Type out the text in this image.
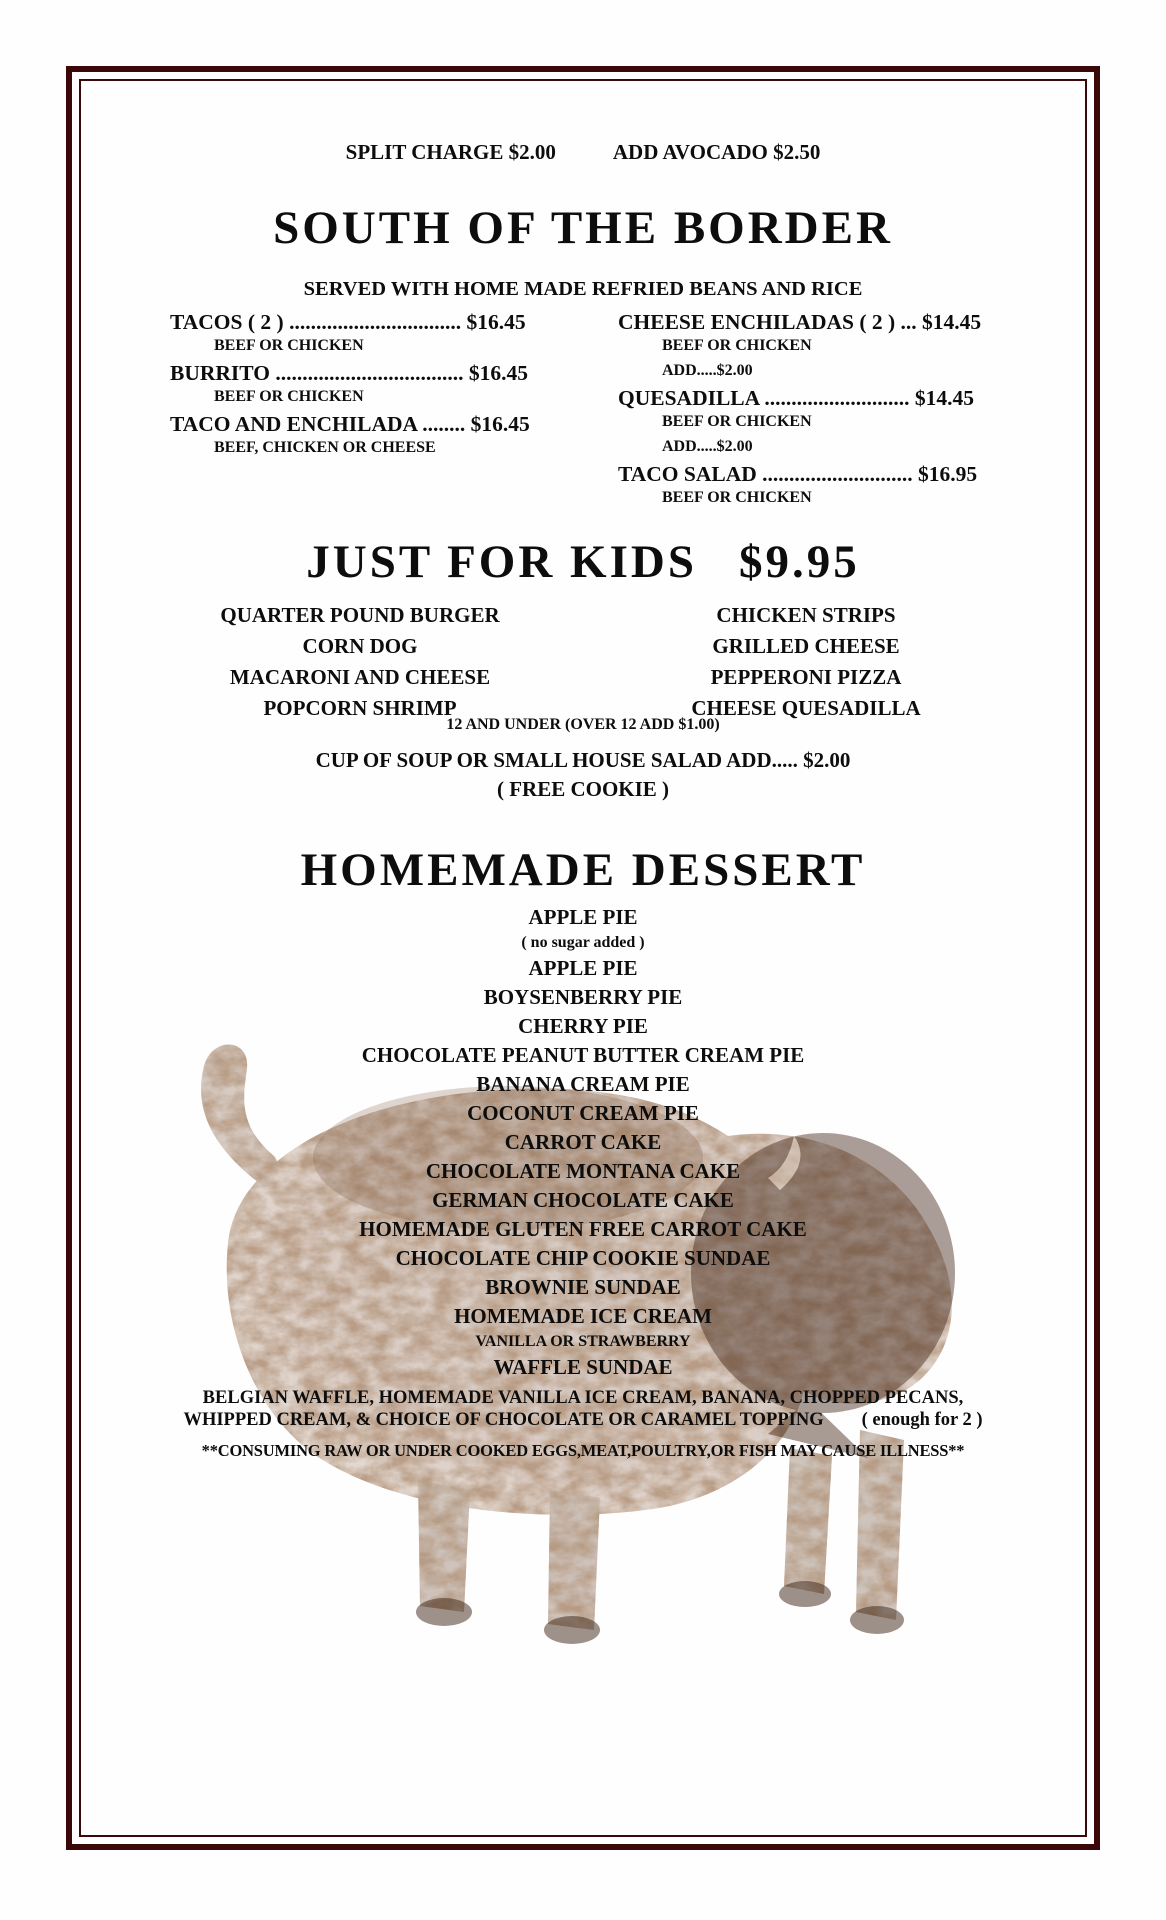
SPLIT CHARGE $2.00	ADD AVOCADO $2.50
SOUTH OF THE BORDER
SERVED WITH HOME MADE REFRIED BEANS AND RICE
TACOS ( 2 ) ................................ $16.45
BEEF OR CHICKEN
BURRITO ................................... $16.45
BEEF OR CHICKEN
TACO AND ENCHILADA ........ $16.45
BEEF, CHICKEN OR CHEESE
CHEESE ENCHILADAS ( 2 ) ... $14.45
BEEF OR CHICKEN
ADD.....$2.00
QUESADILLA ........................... $14.45
BEEF OR CHICKEN
ADD.....$2.00
TACO SALAD ............................ $16.95
BEEF OR CHICKEN
JUST FOR KIDS $9.95
QUARTER POUND BURGER
CORN DOG
MACARONI AND CHEESE
POPCORN SHRIMP
CHICKEN STRIPS
GRILLED CHEESE
PEPPERONI PIZZA
CHEESE QUESADILLA
12 AND UNDER (OVER 12 ADD $1.00)
CUP OF SOUP OR SMALL HOUSE SALAD ADD..... $2.00
( FREE COOKIE )
HOMEMADE DESSERT
APPLE PIE
( no sugar added )
APPLE PIE
BOYSENBERRY PIE
CHERRY PIE
CHOCOLATE PEANUT BUTTER CREAM PIE
BANANA CREAM PIE
COCONUT CREAM PIE
CARROT CAKE
CHOCOLATE MONTANA CAKE
GERMAN CHOCOLATE CAKE
HOMEMADE GLUTEN FREE CARROT CAKE
CHOCOLATE CHIP COOKIE SUNDAE
BROWNIE SUNDAE
HOMEMADE ICE CREAM
VANILLA OR STRAWBERRY
WAFFLE SUNDAE
BELGIAN WAFFLE, HOMEMADE VANILLA ICE CREAM, BANANA, CHOPPED PECANS,
WHIPPED CREAM, & CHOICE OF CHOCOLATE OR CARAMEL TOPPING ( enough for 2 )
**CONSUMING RAW OR UNDER COOKED EGGS,MEAT,POULTRY,OR FISH MAY CAUSE ILLNESS**
